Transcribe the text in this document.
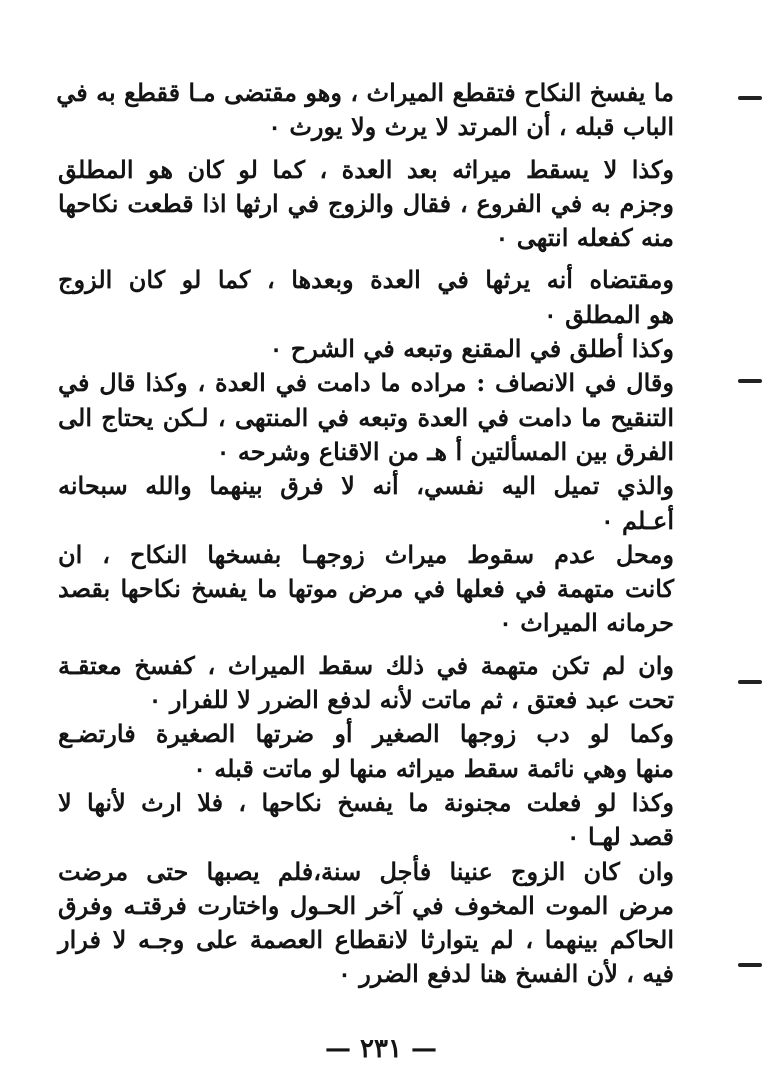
ما يفسخ النكاح فتقطع الميراث ، وهو مقتضى مـا ققطع به في
الباب قبله ، أن المرتد لا يرث ولا يورث ٠

وكذا لا يسقط ميراثه بعد العدة ، كما لو كان هو المطلق
وجزم به في الفروع ، فقال والزوج في ارثها اذا قطعت نكاحها
منه كفعله انتهى ٠

ومقتضاه أنه يرثها في العدة وبعدها ، كما لو كان الزوج
هو المطلق ٠

وكذا أطلق في المقنع وتبعه في الشرح ٠

وقال في الانصاف : مراده ما دامت في العدة ، وكذا قال في
التنقيح ما دامت في العدة وتبعه في المنتهى ، لـكن يحتاج الى
الفرق بين المسألتين أ هـ من الاقناع وشرحه ٠

والذي تميل اليه نفسي، أنه لا فرق بينهما والله سبحانه
أعـلم ٠

ومحل عدم سقوط ميراث زوجهـا بفسخها النكاح ، ان
كانت متهمة في فعلها في مرض موتها ما يفسخ نكاحها بقصد
حرمانه الميراث ٠

وان لم تكن متهمة في ذلك سقط الميراث ، كفسخ معتقـة
تحت عبد فعتق ، ثم ماتت لأنه لدفع الضرر لا للفرار ٠

وكما لو دب زوجها الصغير أو ضرتها الصغيرة فارتضـع
منها وهي نائمة سقط ميراثه منها لو ماتت قبله ٠

وكذا لو فعلت مجنونة ما يفسخ نكاحها ، فلا ارث لأنها لا
قصد لهـا ٠

وان كان الزوج عنينا فأجل سنة،فلم يصبها حتى مرضت
مرض الموت المخوف في آخر الحـول واختارت فرقتـه وفرق
الحاكم بينهما ، لم يتوارثا لانقطاع العصمة على وجـه لا فرار
فيه ، لأن الفسخ هنا لدفع الضرر ٠

— ٢٣١ —
